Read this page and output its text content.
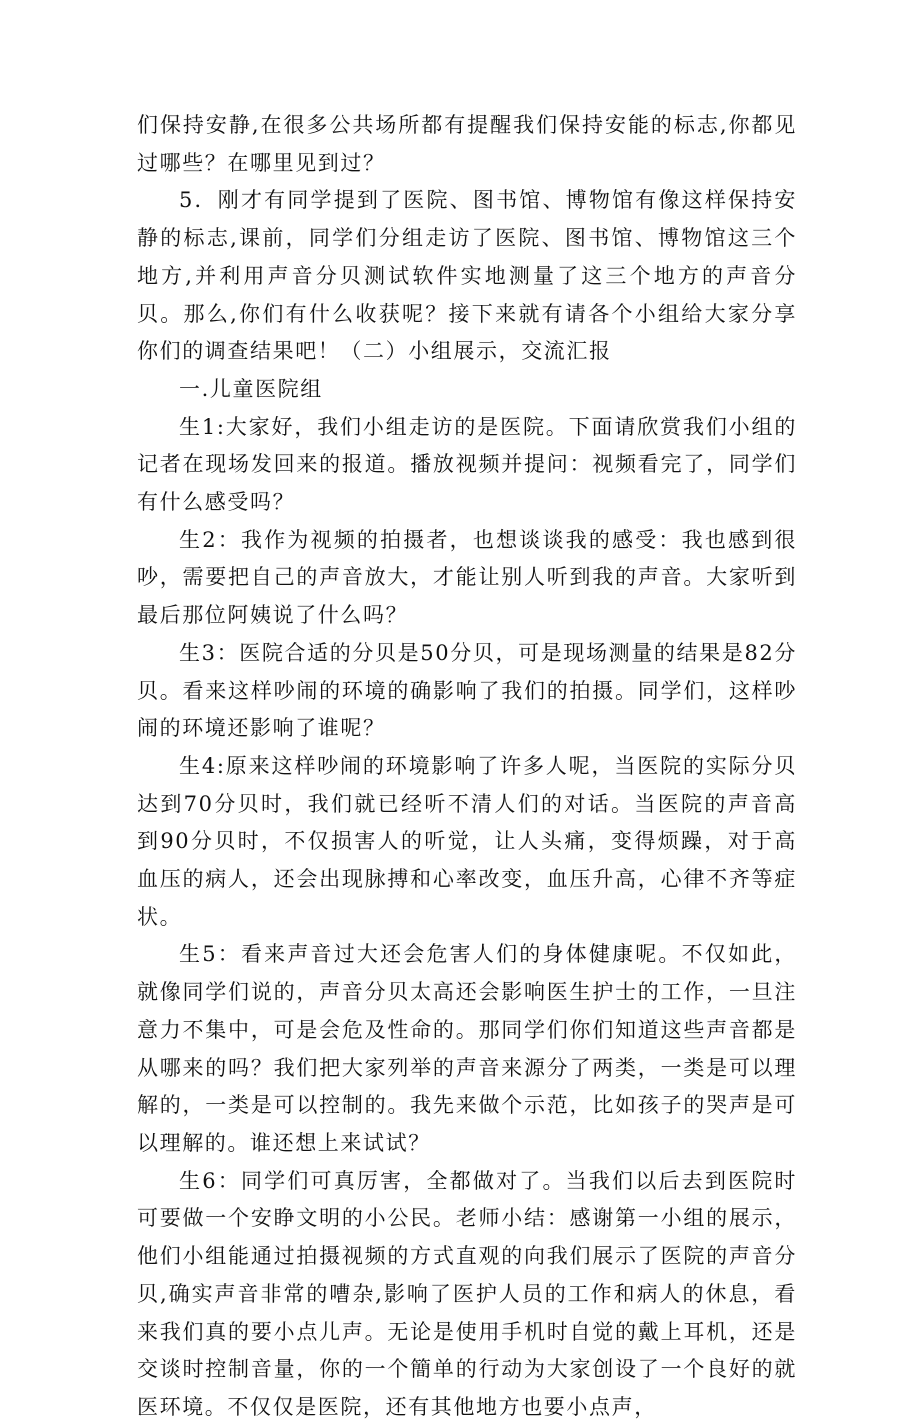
们保持安静,在很多公共场所都有提醒我们保持安能的标志,你都见过哪些？在哪里见到过？

5．刚才有同学提到了医院、图书馆、博物馆有像这样保持安静的标志,课前，同学们分组走访了医院、图书馆、博物馆这三个地方,并利用声音分贝测试软件实地测量了这三个地方的声音分贝。那么,你们有什么收获呢？接下来就有请各个小组给大家分享你们的调查结果吧！（二）小组展示，交流汇报

一.儿童医院组

生1:大家好，我们小组走访的是医院。下面请欣赏我们小组的记者在现场发回来的报道。播放视频并提问：视频看完了，同学们有什么感受吗？

生2：我作为视频的拍摄者，也想谈谈我的感受：我也感到很吵，需要把自己的声音放大，才能让别人听到我的声音。大家听到最后那位阿姨说了什么吗？

生3：医院合适的分贝是50分贝，可是现场测量的结果是82分贝。看来这样吵闹的环境的确影响了我们的拍摄。同学们，这样吵闹的环境还影响了谁呢？

生4:原来这样吵闹的环境影响了许多人呢，当医院的实际分贝达到70分贝时，我们就已经听不清人们的对话。当医院的声音高到90分贝时，不仅损害人的听觉，让人头痛，变得烦躁，对于高血压的病人，还会出现脉搏和心率改变，血压升高，心律不齐等症状。

生5：看来声音过大还会危害人们的身体健康呢。不仅如此，就像同学们说的，声音分贝太高还会影响医生护士的工作，一旦注意力不集中，可是会危及性命的。那同学们你们知道这些声音都是从哪来的吗？我们把大家列举的声音来源分了两类，一类是可以理解的，一类是可以控制的。我先来做个示范，比如孩子的哭声是可以理解的。谁还想上来试试？

生6：同学们可真厉害，全都做对了。当我们以后去到医院时可要做一个安睁文明的小公民。老师小结：感谢第一小组的展示，他们小组能通过拍摄视频的方式直观的向我们展示了医院的声音分贝,确实声音非常的嘈杂,影响了医护人员的工作和病人的休息，看来我们真的要小点儿声。无论是使用手机时自觉的戴上耳机，还是交谈时控制音量，你的一个簡单的行动为大家创设了一个良好的就医环境。不仅仅是医院，还有其他地方也要小点声，
